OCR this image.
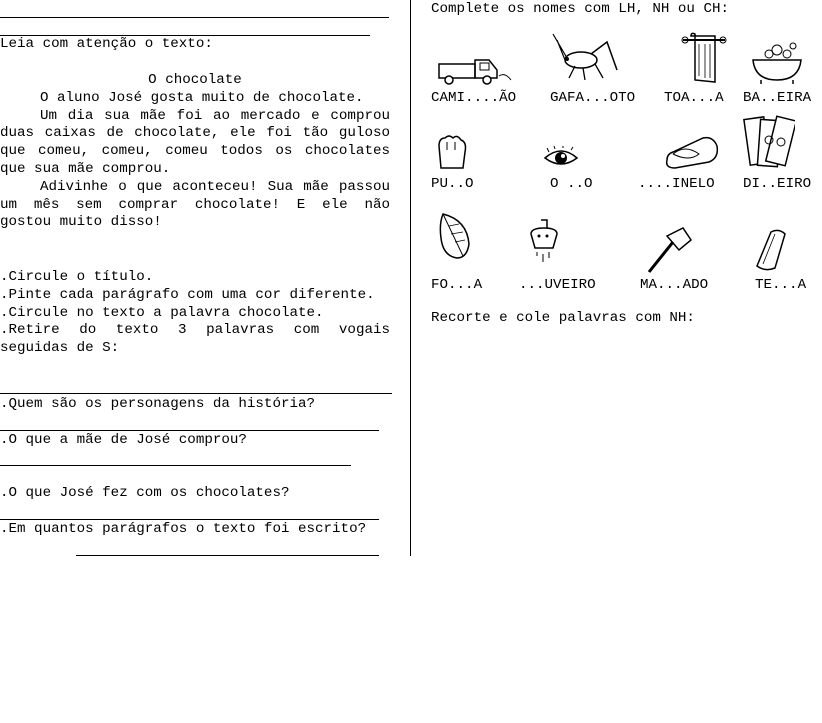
Leia com atenção o texto:

O chocolate

O aluno José gosta muito de chocolate.

Um dia sua mãe foi ao mercado e comprou duas caixas de chocolate, ele foi tão guloso que comeu, comeu, comeu todos os chocolates que sua mãe comprou.

Adivinhe o que aconteceu! Sua mãe passou um mês sem comprar chocolate! E ele não gostou muito disso!

.Circule o título.

.Pinte cada parágrafo com uma cor diferente.

.Circule no texto a palavra chocolate.

.Retire do texto 3 palavras com vogais seguidas de S:

.Quem são os personagens da história?
.O que a mãe de José comprou?
.O que José fez com os chocolates?
.Em quantos parágrafos o texto foi escrito?
Complete os nomes com LH, NH ou CH:
CAMI....ÃO GAFA...OTO TOA...A BA..EIRA
PU..O	O ..O	....INELO DI..EIRO
FO...A	...UVEIRO	MA...ADO	TE...A
Recorte e cole palavras com NH:
